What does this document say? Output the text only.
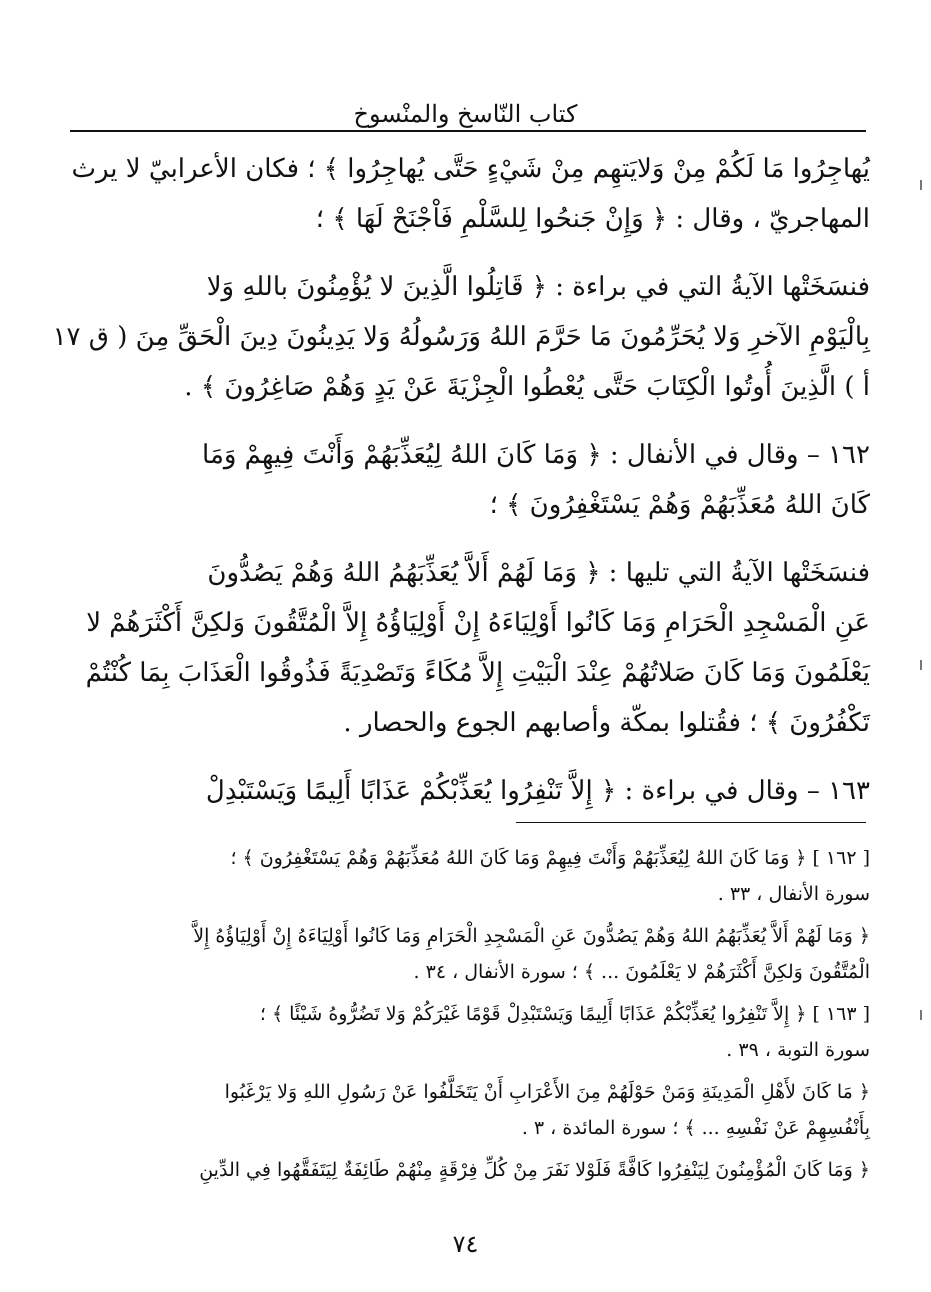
كتاب النّاسخ والمنْسوخ

يُهاجِرُوا مَا لَكُمْ مِنْ وَلايَتهِم مِنْ شَيْءٍ حَتَّى يُهاجِرُوا ﴾ ؛ فكان الأعرابيّ لا يرث
المهاجريّ ، وقال : ﴿ وَإِنْ جَنحُوا لِلسَّلْمِ فَاْجْنَحْ لَهَا ﴾ ؛

فنسَخَتْها الآيةُ التي في براءة : ﴿ قَاتِلُوا الَّذِينَ لا يُؤْمِنُونَ باللهِ وَلا
بِالْيَوْمِ الآخرِ وَلا يُحَرِّمُونَ مَا حَرَّمَ اللهُ وَرَسُولُهُ وَلا يَدِينُونَ دِينَ الْحَقِّ مِنَ ( ق ١٧
أ ) الَّذِينَ أُوتُوا الْكِتَابَ حَتَّى يُعْطُوا الْجِزْيَةَ عَنْ يَدٍ وَهُمْ صَاغِرُونَ ﴾ .

١٦٢ – وقال في الأنفال : ﴿ وَمَا كَانَ اللهُ لِيُعَذِّبَهُمْ وَأَنْتَ فِيهِمْ وَمَا
كَانَ اللهُ مُعَذِّبَهُمْ وَهُمْ يَسْتَغْفِرُونَ ﴾ ؛

فنسَخَتْها الآيةُ التي تليها : ﴿ وَمَا لَهُمْ أَلاَّ يُعَذِّبَهُمُ اللهُ وَهُمْ يَصُدُّونَ
عَنِ الْمَسْجِدِ الْحَرَامِ وَمَا كَانُوا أَوْلِيَاءَهُ إِنْ أَوْلِيَاؤُهُ إِلاَّ الْمُتَّقُونَ وَلكِنَّ أَكْثَرَهُمْ لا
يَعْلَمُونَ وَمَا كَانَ صَلاتُهُمْ عِنْدَ الْبَيْتِ إِلاَّ مُكَاءً وَتَصْدِيَةً فَذُوقُوا الْعَذَابَ بِمَا كُنْتُمْ
تَكْفُرُونَ ﴾ ؛ فقُتلوا بمكّة وأصابهم الجوع والحصار .

١٦٣ – وقال في براءة : ﴿ إِلاَّ تَنْفِرُوا يُعَذِّبْكُمْ عَذَابًا أَلِيمًا وَيَسْتَبْدِلْ

[ ١٦٢ ] ﴿ وَمَا كَانَ اللهُ لِيُعَذِّبَهُمْ وَأَنْتَ فِيهِمْ وَمَا كَانَ اللهُ مُعَذِّبَهُمْ وَهُمْ يَسْتَغْفِرُونَ ﴾ ؛
سورة الأنفال ، ٣٣ .

﴿ وَمَا لَهُمْ أَلاَّ يُعَذِّبَهُمُ اللهُ وَهُمْ يَصُدُّونَ عَنِ الْمَسْجِدِ الْحَرَامِ وَمَا كَانُوا أَوْلِيَاءَهُ إِنْ أَوْلِيَاؤُهُ إِلاَّ
الْمُتَّقُونَ وَلكِنَّ أَكْثَرَهُمْ لا يَعْلَمُونَ ... ﴾ ؛ سورة الأنفال ، ٣٤ .

[ ١٦٣ ] ﴿ إِلاَّ تَنْفِرُوا يُعَذِّبْكُمْ عَذَابًا أَلِيمًا وَيَسْتَبْدِلْ قَوْمًا غَيْرَكُمْ وَلا تَضُرُّوهُ شَيْئًا ﴾ ؛
سورة التوبة ، ٣٩ .

﴿ مَا كَانَ لأَهْلِ الْمَدِينَةِ وَمَنْ حَوْلَهُمْ مِنَ الأَعْرَابِ أَنْ يَتَخَلَّفُوا عَنْ رَسُولِ اللهِ وَلا يَرْغَبُوا
بِأَنْفُسِهِمْ عَنْ نَفْسِهِ ... ﴾ ؛ سورة المائدة ، ٣ .

﴿ وَمَا كَانَ الْمُؤْمِنُونَ لِيَنْفِرُوا كَافَّةً فَلَوْلا نَفَرَ مِنْ كُلِّ فِرْقَةٍ مِنْهُمْ طَائِفَةٌ لِيَتَفَقَّهُوا فِي الدِّينِ

٧٤
